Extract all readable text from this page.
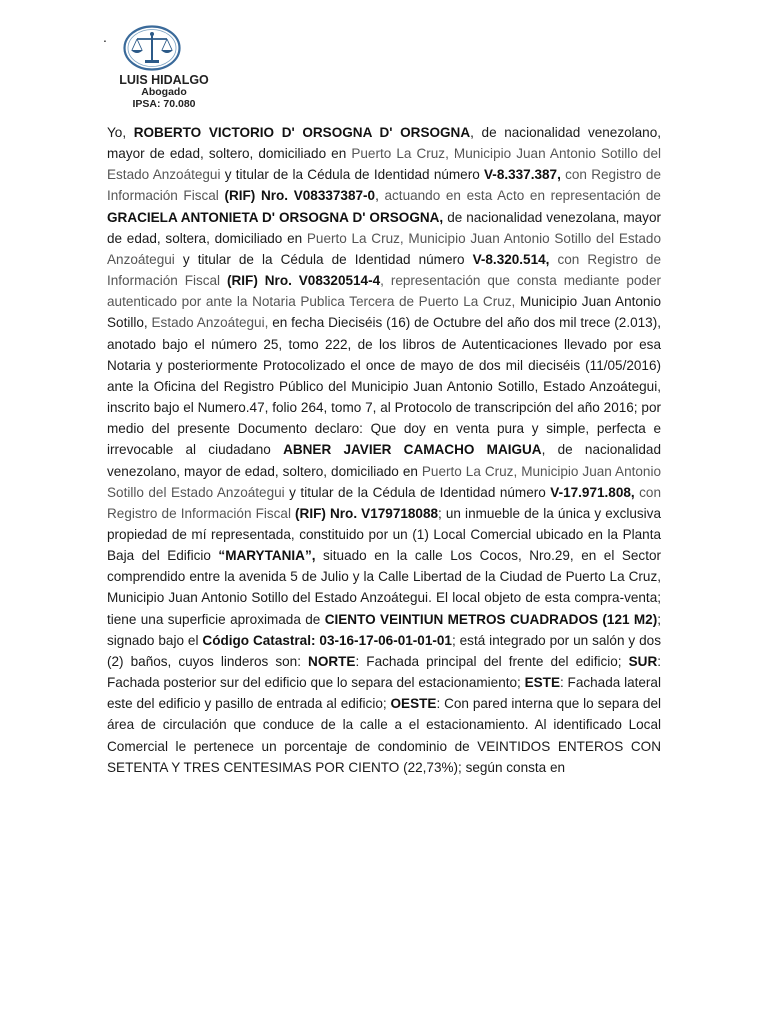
.
LUIS HIDALGO
Abogado
IPSA: 70.080

Yo, ROBERTO VICTORIO D' ORSOGNA D' ORSOGNA, de nacionalidad venezolano, mayor de edad, soltero, domiciliado en Puerto La Cruz, Municipio Juan Antonio Sotillo del Estado Anzoátegui y titular de la Cédula de Identidad número V-8.337.387, con Registro de Información Fiscal (RIF) Nro. V08337387-0, actuando en esta Acto en representación de GRACIELA ANTONIETA D' ORSOGNA D' ORSOGNA, de nacionalidad venezolana, mayor de edad, soltera, domiciliado en Puerto La Cruz, Municipio Juan Antonio Sotillo del Estado Anzoátegui y titular de la Cédula de Identidad número V-8.320.514, con Registro de Información Fiscal (RIF) Nro. V08320514-4, representación que consta mediante poder autenticado por ante la Notaria Publica Tercera de Puerto La Cruz, Municipio Juan Antonio Sotillo, Estado Anzoátegui, en fecha Dieciséis (16) de Octubre del año dos mil trece (2.013), anotado bajo el número 25, tomo 222, de los libros de Autenticaciones llevado por esa Notaria y posteriormente Protocolizado el once de mayo de dos mil dieciséis (11/05/2016) ante la Oficina del Registro Público del Municipio Juan Antonio Sotillo, Estado Anzoátegui, inscrito bajo el Numero.47, folio 264, tomo 7, al Protocolo de transcripción del año 2016; por medio del presente Documento declaro: Que doy en venta pura y simple, perfecta e irrevocable al ciudadano ABNER JAVIER CAMACHO MAIGUA, de nacionalidad venezolano, mayor de edad, soltero, domiciliado en Puerto La Cruz, Municipio Juan Antonio Sotillo del Estado Anzoátegui y titular de la Cédula de Identidad número V-17.971.808, con Registro de Información Fiscal (RIF) Nro. V179718088; un inmueble de la única y exclusiva propiedad de mí representada, constituido por un (1) Local Comercial ubicado en la Planta Baja del Edificio “MARYTANIA”, situado en la calle Los Cocos, Nro.29, en el Sector comprendido entre la avenida 5 de Julio y la Calle Libertad de la Ciudad de Puerto La Cruz, Municipio Juan Antonio Sotillo del Estado Anzoátegui. El local objeto de esta compra-venta; tiene una superficie aproximada de CIENTO VEINTIUN METROS CUADRADOS (121 M2); signado bajo el Código Catastral: 03-16-17-06-01-01-01; está integrado por un salón y dos (2) baños, cuyos linderos son: NORTE: Fachada principal del frente del edificio; SUR: Fachada posterior sur del edificio que lo separa del estacionamiento; ESTE: Fachada lateral este del edificio y pasillo de entrada al edificio; OESTE: Con pared interna que lo separa del área de circulación que conduce de la calle a el estacionamiento. Al identificado Local Comercial le pertenece un porcentaje de condominio de VEINTIDOS ENTEROS CON SETENTA Y TRES CENTESIMAS POR CIENTO (22,73%); según consta en
